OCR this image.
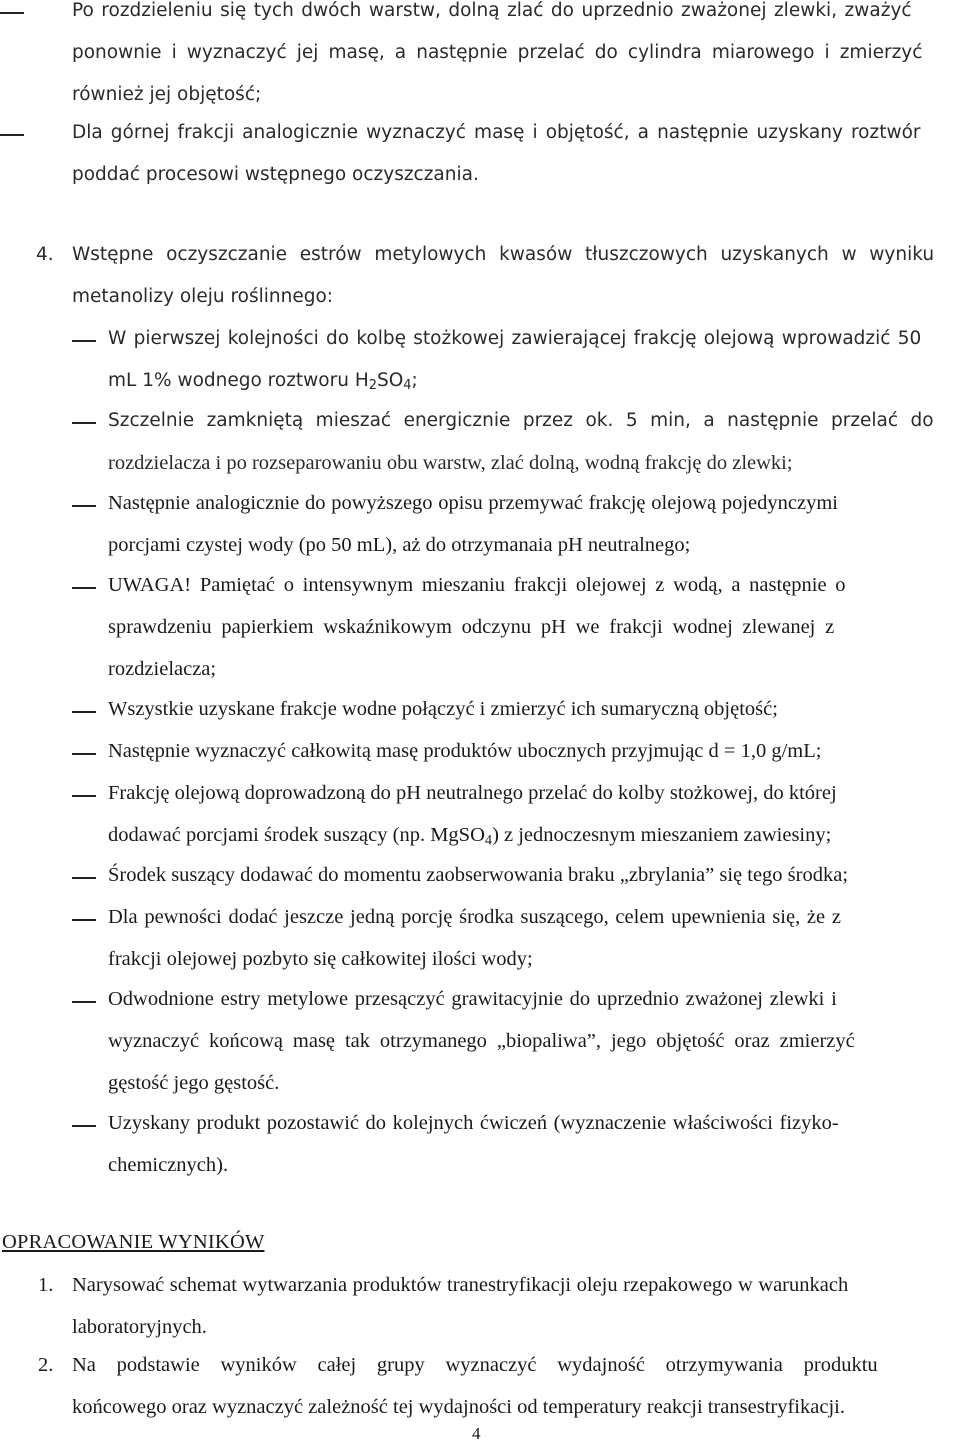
Po rozdzieleniu się tych dwóch warstw, dolną zlać do uprzednio zważonej zlewki, zważyć
ponownie i wyznaczyć jej masę, a następnie przelać do cylindra miarowego i zmierzyć
również jej objętość;
Dla górnej frakcji analogicznie wyznaczyć masę i objętość, a następnie uzyskany roztwór
poddać procesowi wstępnego oczyszczania.
4. Wstępne oczyszczanie estrów metylowych kwasów tłuszczowych uzyskanych w wyniku
metanolizy oleju roślinnego:
W pierwszej kolejności do kolbę stożkowej zawierającej frakcję olejową wprowadzić 50
mL 1% wodnego roztworu $H_2SO_4$;
Szczelnie zamkniętą mieszać energicznie przez ok. 5 min, a następnie przelać do
rozdzielacza i po rozseparowaniu obu warstw, zlać dolną, wodną frakcję do zlewki;
Następnie analogicznie do powyższego opisu przemywać frakcję olejową pojedynczymi
porcjami czystej wody (po 50 mL), aż do otrzymanaia pH neutralnego;
UWAGA! Pamiętać o intensywnym mieszaniu frakcji olejowej z wodą, a następnie o
sprawdzeniu papierkiem wskaźnikowym odczynu pH we frakcji wodnej zlewanej z
rozdzielacza;
Wszystkie uzyskane frakcje wodne połączyć i zmierzyć ich sumaryczną objętość;
Następnie wyznaczyć całkowitą masę produktów ubocznych przyjmując d = 1,0 g/mL;
Frakcję olejową doprowadzoną do pH neutralnego przelać do kolby stożkowej, do której
dodawać porcjami środek suszący (np. MgSO$_4$) z jednoczesnym mieszaniem zawiesiny;
Środek suszący dodawać do momentu zaobserwowania braku „zbrylania” się tego środka;
Dla pewności dodać jeszcze jedną porcję środka suszącego, celem upewnienia się, że z
frakcji olejowej pozbyto się całkowitej ilości wody;
Odwodnione estry metylowe przesączyć grawitacyjnie do uprzednio zważonej zlewki i
wyznaczyć końcową masę tak otrzymanego „biopaliwa”, jego objętość oraz zmierzyć
gęstość jego gęstość.
Uzyskany produkt pozostawić do kolejnych ćwiczeń (wyznaczenie właściwości fizyko-
chemicznych).
OPRACOWANIE WYNIKÓW
1. Narysować schemat wytwarzania produktów tranestryfikacji oleju rzepakowego w warunkach
laboratoryjnych.
2. Na podstawie wyników całej grupy wyznaczyć wydajność otrzymywania produktu
końcowego oraz wyznaczyć zależność tej wydajności od temperatury reakcji transestryfikacji.
4
